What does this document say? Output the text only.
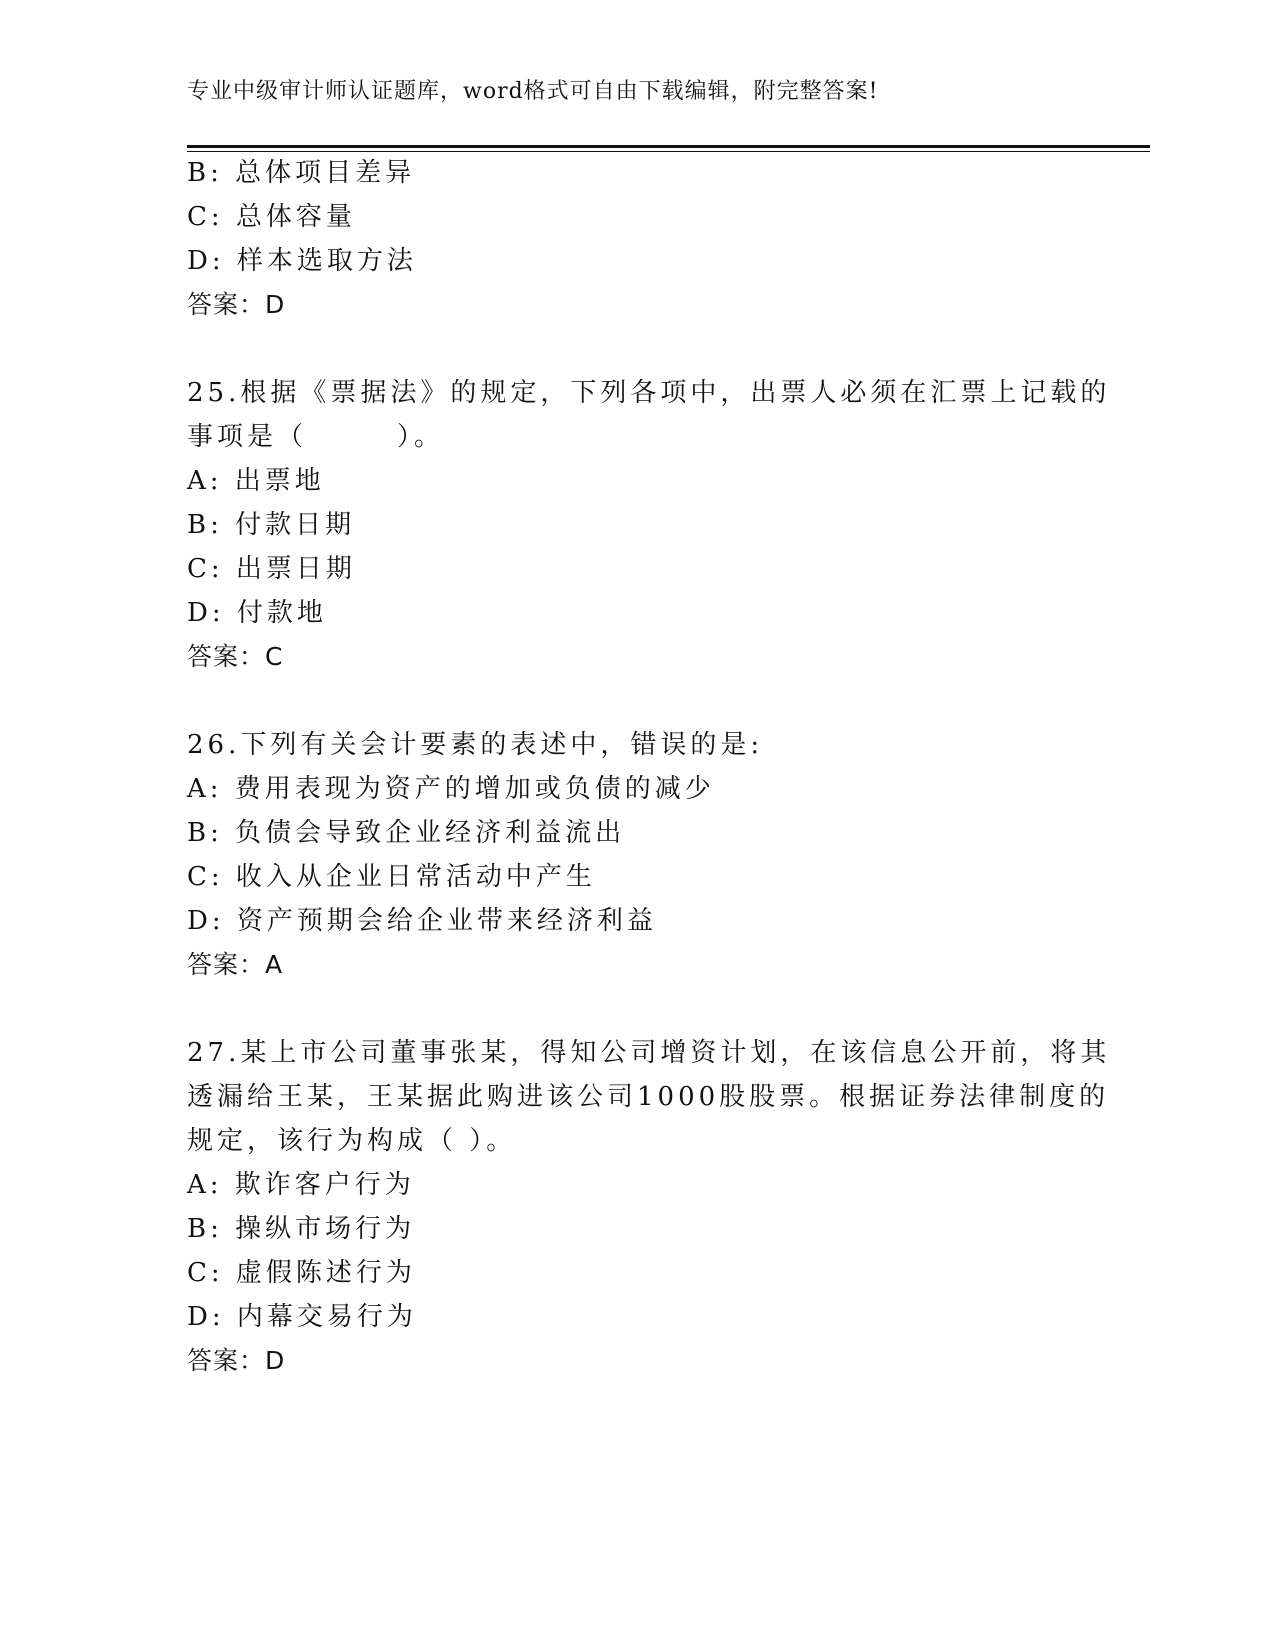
专业中级审计师认证题库，word格式可自由下载编辑，附完整答案!
B: 总体项目差异
C: 总体容量
D: 样本选取方法
答案：D
25.根据《票据法》的规定，下列各项中，出票人必须在汇票上记载的
事项是（　　　）。
A: 出票地
B: 付款日期
C: 出票日期
D: 付款地
答案：C
26.下列有关会计要素的表述中，错误的是:
A: 费用表现为资产的增加或负债的减少
B: 负债会导致企业经济利益流出
C: 收入从企业日常活动中产生
D: 资产预期会给企业带来经济利益
答案：A
27.某上市公司董事张某，得知公司增资计划，在该信息公开前，将其
透漏给王某，王某据此购进该公司1000股股票。根据证券法律制度的
规定，该行为构成（ ）。
A: 欺诈客户行为
B: 操纵市场行为
C: 虚假陈述行为
D: 内幕交易行为
答案：D
